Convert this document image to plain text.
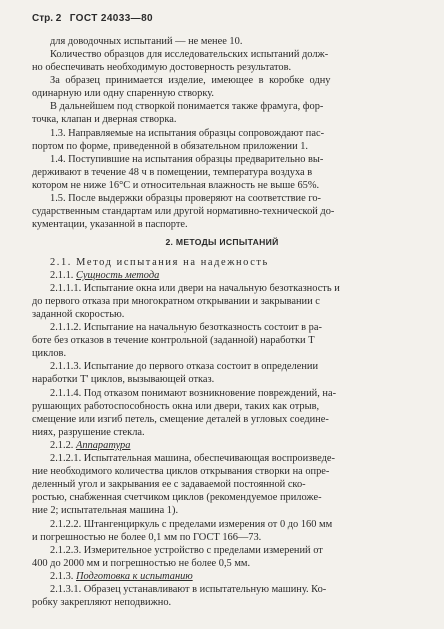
Стр. 2 ГОСТ 24033—80
для доводочных испытаний — не менее 10.
Количество образцов для исследовательских испытаний долж-
но обеспечивать необходимую достоверность результатов.
За образец принимается изделие, имеющее в коробке одну
одинарную или одну спаренную створку.
В дальнейшем под створкой понимается также фрамуга, фор-
точка, клапан и дверная створка.
1.3. Направляемые на испытания образцы сопровождают пас-
портом по форме, приведенной в обязательном приложении 1.
1.4. Поступившие на испытания образцы предварительно вы-
держивают в течение 48 ч в помещении, температура воздуха в
котором не ниже 16°С и относительная влажность не выше 65%.
1.5. После выдержки образцы проверяют на соответствие го-
сударственным стандартам или другой нормативно-технической до-
кументации, указанной в паспорте.
2. МЕТОДЫ ИСПЫТАНИЙ
2.1. Метод испытания на надежность
2.1.1. Сущность метода
2.1.1.1. Испытание окна или двери на начальную безотказность и
до первого отказа при многократном открывании и закрывании с
заданной скоростью.
2.1.1.2. Испытание на начальную безотказность состоит в ра-
боте без отказов в течение контрольной (заданной) наработки Т
циклов.
2.1.1.3. Испытание до первого отказа состоит в определении
наработки Т' циклов, вызывающей отказ.
2.1.1.4. Под отказом понимают возникновение повреждений, на-
рушающих работоспособность окна или двери, таких как отрыв,
смещение или изгиб петель, смещение деталей в угловых соедине-
ниях, разрушение стекла.
2.1.2. Аппаратура
2.1.2.1. Испытательная машина, обеспечивающая воспроизведе-
ние необходимого количества циклов открывания створки на опре-
деленный угол и закрывания ее с задаваемой постоянной ско-
ростью, снабженная счетчиком циклов (рекомендуемое приложе-
ние 2; испытательная машина 1).
2.1.2.2. Штангенциркуль с пределами измерения от 0 до 160 мм
и погрешностью не более 0,1 мм по ГОСТ 166—73.
2.1.2.3. Измерительное устройство с пределами измерений от
400 до 2000 мм и погрешностью не более 0,5 мм.
2.1.3. Подготовка к испытанию
2.1.3.1. Образец устанавливают в испытательную машину. Ко-
робку закрепляют неподвижно.
